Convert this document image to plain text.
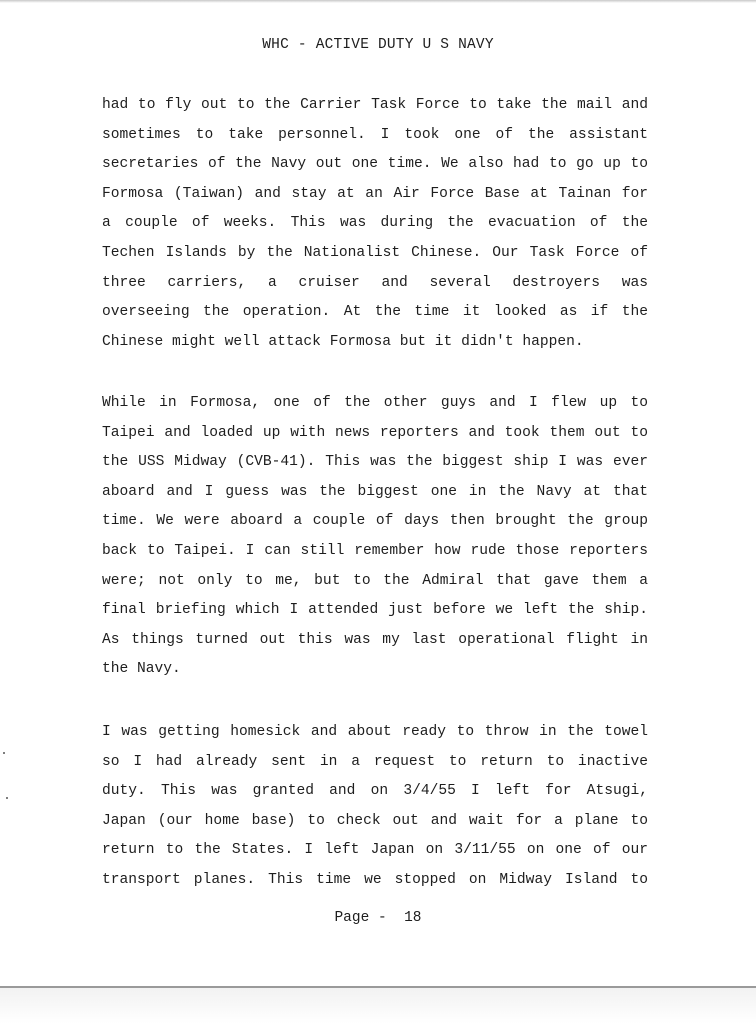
WHC - ACTIVE DUTY U S NAVY
had to fly out to the Carrier Task Force to take the mail and
sometimes to take personnel. I took one of the assistant
secretaries of the Navy out one time. We also had to go up to
Formosa (Taiwan) and stay at an Air Force Base at Tainan for
a couple of weeks. This was during the evacuation of the
Techen Islands by the Nationalist Chinese. Our Task Force of
three carriers, a cruiser and several destroyers was
overseeing the operation. At the time it looked as if the
Chinese might well attack Formosa but it didn't happen.
While in Formosa, one of the other guys and I flew up to
Taipei and loaded up with news reporters and took them out to
the USS Midway (CVB-41). This was the biggest ship I was ever
aboard and I guess was the biggest one in the Navy at that
time. We were aboard a couple of days then brought the group
back to Taipei. I can still remember how rude those reporters
were; not only to me, but to the Admiral that gave them a
final briefing which I attended just before we left the ship.
As things turned out this was my last operational flight in
the Navy.
I was getting homesick and about ready to throw in the towel
so I had already sent in a request to return to inactive
duty. This was granted and on 3/4/55 I left for Atsugi,
Japan (our home base) to check out and wait for a plane to
return to the States. I left Japan on 3/11/55 on one of our
transport planes. This time we stopped on Midway Island to
Page - 18
